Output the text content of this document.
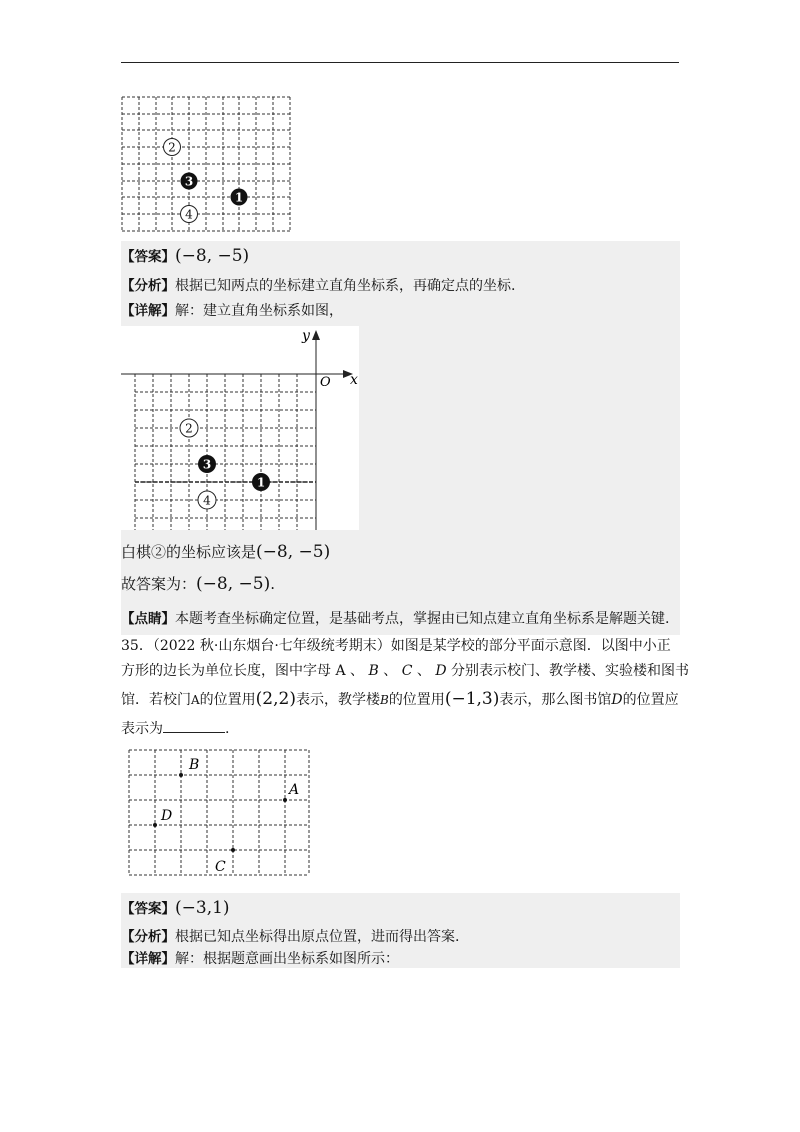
2
3
1
4
【答案】(−8, −5)
【分析】根据已知两点的坐标建立直角坐标系，再确定点的坐标.
【详解】解：建立直角坐标系如图，
y
x
O
2
3
1
4
白棋②的坐标应该是(−8, −5)
故答案为：(−8, −5).
【点睛】本题考查坐标确定位置，是基础考点，掌握由已知点建立直角坐标系是解题关键.
35．（2022 秋·山东烟台·七年级统考期末）如图是某学校的部分平面示意图．以图中小正
方形的边长为单位长度，图中字母 A 、 B 、 C 、 D 分别表示校门、教学楼、实验楼和图书
馆．若校门A的位置用(2,2)表示，教学楼B的位置用(−1,3)表示，那么图书馆D的位置应
表示为	.
B
A
D
C
【答案】(−3,1)
【分析】根据已知点坐标得出原点位置，进而得出答案.
【详解】解：根据题意画出坐标系如图所示：
